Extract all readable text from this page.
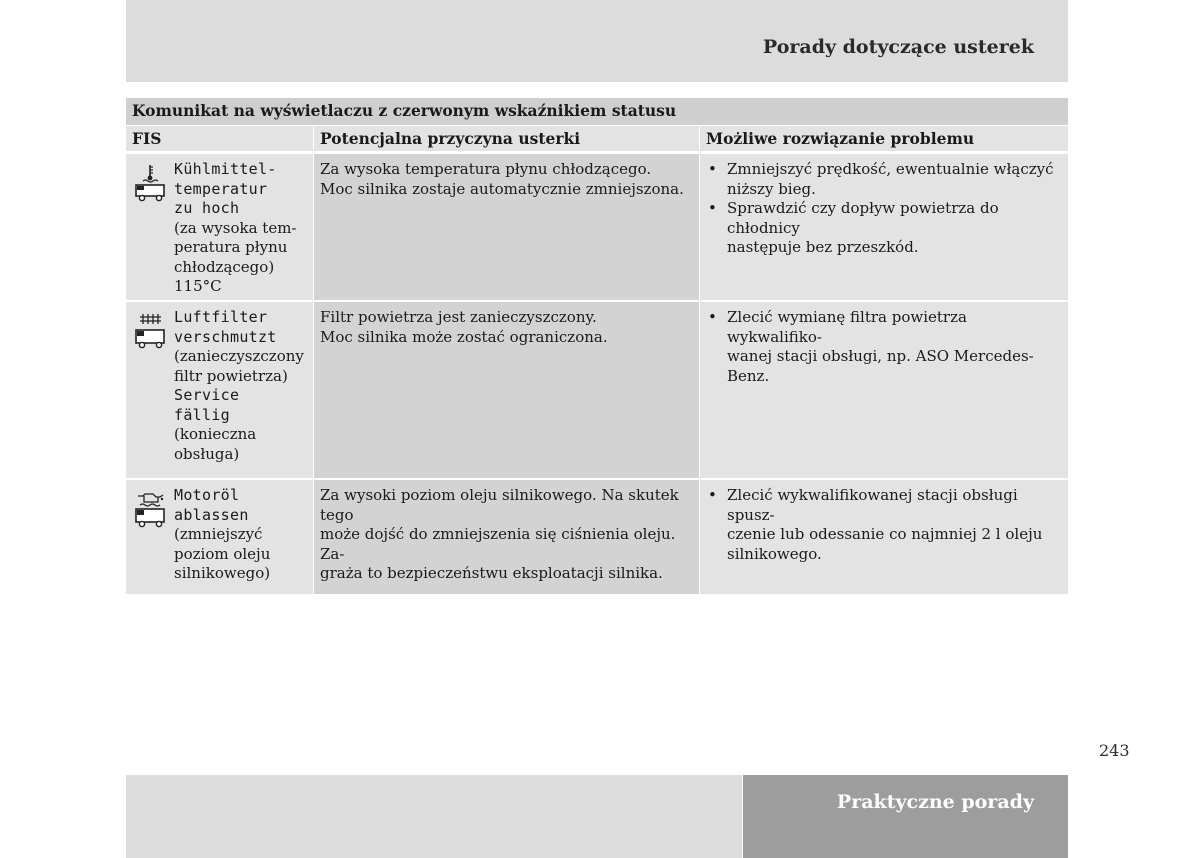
Porady dotyczące usterek
Komunikat na wyświetlaczu z czerwonym wskaźnikiem statusu
FIS	Potencjalna przyczyna usterki	Możliwe rozwiązanie problemu
Kühlmittel-
temperatur
zu hoch
(za wysoka tem-
peratura płynu
chłodzącego)
115°C
Za wysoka temperatura płynu chłodzącego.
Moc silnika zostaje automatycznie zmniejszona.
• Zmniejszyć prędkość, ewentualnie włączyć
niższy bieg.
• Sprawdzić czy dopływ powietrza do chłodnicy
następuje bez przeszkód.
Luftfilter
verschmutzt
(zanieczyszczony
filtr powietrza)
Service
fällig
(konieczna
obsługa)
Filtr powietrza jest zanieczyszczony.
Moc silnika może zostać ograniczona.
• Zlecić wymianę filtra powietrza wykwalifiko-
wanej stacji obsługi, np. ASO Mercedes-Benz.
Motoröl
ablassen
(zmniejszyć
poziom oleju
silnikowego)
Za wysoki poziom oleju silnikowego. Na skutek tego
może dojść do zmniejszenia się ciśnienia oleju. Za-
graża to bezpieczeństwu eksploatacji silnika.
• Zlecić wykwalifikowanej stacji obsługi spusz-
czenie lub odessanie co najmniej 2 l oleju
silnikowego.
243
Praktyczne porady
